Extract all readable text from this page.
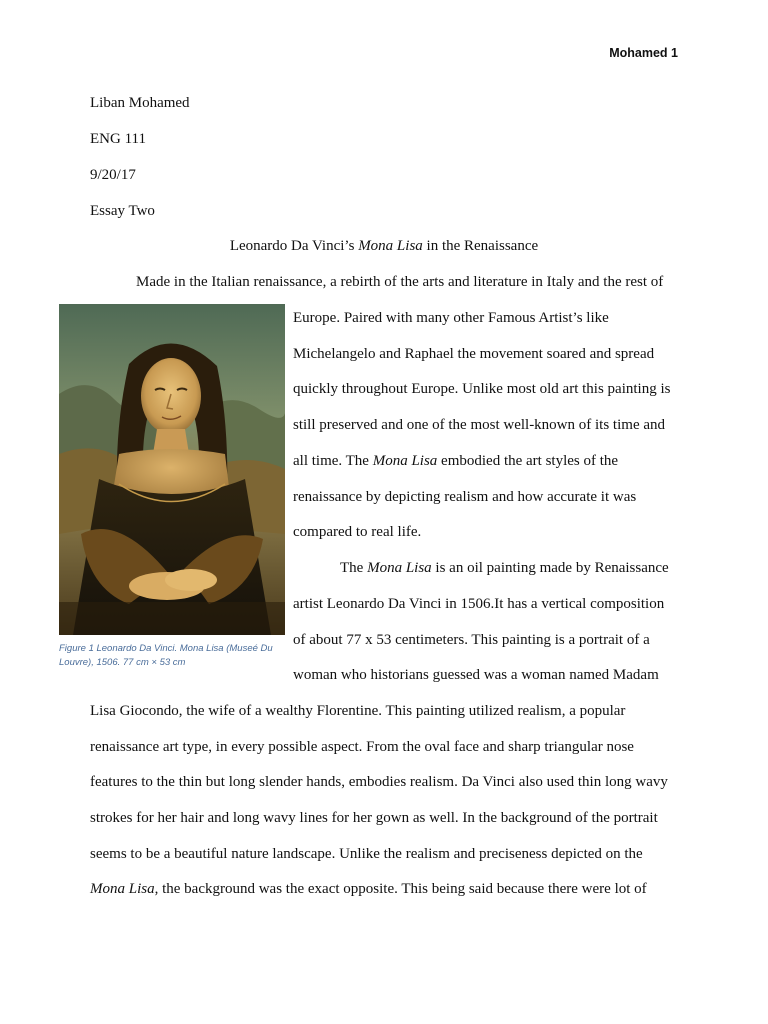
Mohamed 1
Liban Mohamed
ENG 111
9/20/17
Essay Two
Leonardo Da Vinci’s Mona Lisa in the Renaissance
Made in the Italian renaissance, a rebirth of the arts and literature in Italy and the rest of
Europe. Paired with many other Famous Artist’s like
Michelangelo and Raphael the movement soared and spread
quickly throughout Europe. Unlike most old art this painting is
still preserved and one of the most well-known of its time and
all time. The Mona Lisa embodied the art styles of the
renaissance by depicting realism and how accurate it was
compared to real life.
The Mona Lisa is an oil painting made by Renaissance
artist Leonardo Da Vinci in 1506.It has a vertical composition
of about 77 x 53 centimeters. This painting is a portrait of a
woman who historians guessed was a woman named Madam
Lisa Giocondo, the wife of a wealthy Florentine. This painting utilized realism, a popular
renaissance art type, in every possible aspect. From the oval face and sharp triangular nose
features to the thin but long slender hands, embodies realism. Da Vinci also used thin long wavy
strokes for her hair and long wavy lines for her gown as well. In the background of the portrait
seems to be a beautiful nature landscape. Unlike the realism and preciseness depicted on the
Mona Lisa, the background was the exact opposite. This being said because there were lot of
Figure 1 Leonardo Da Vinci. Mona Lisa (Museé Du Louvre), 1506. 77 cm × 53 cm
